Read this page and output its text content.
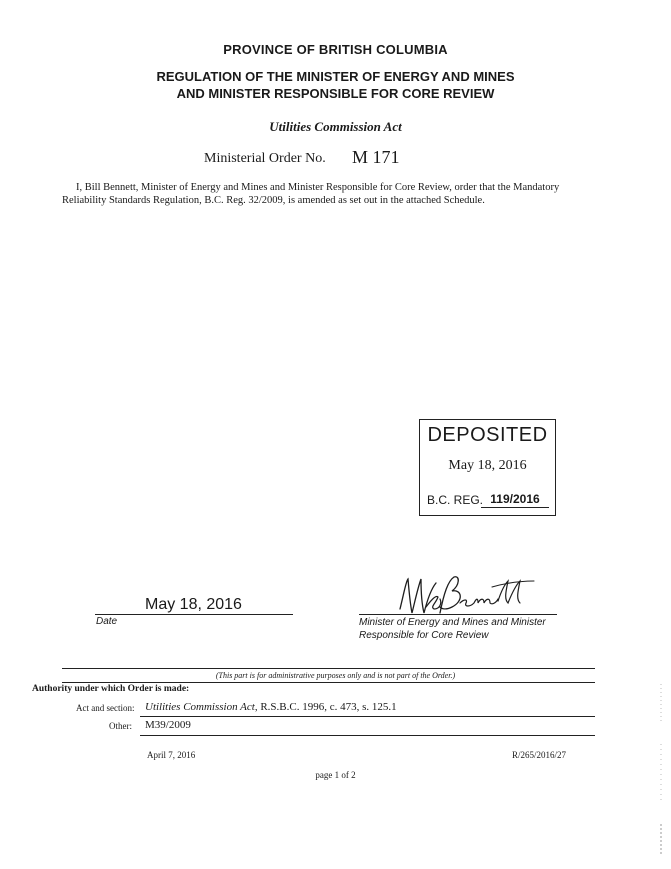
PROVINCE OF BRITISH COLUMBIA
REGULATION OF THE MINISTER OF ENERGY AND MINES
AND MINISTER RESPONSIBLE FOR CORE REVIEW
Utilities Commission Act
Ministerial Order No. M 171
I, Bill Bennett, Minister of Energy and Mines and Minister Responsible for Core Review, order that the Mandatory Reliability Standards Regulation, B.C. Reg. 32/2009, is amended as set out in the attached Schedule.
DEPOSITED
May 18, 2016
B.C. REG. 119/2016
May 18, 2016
Date	Minister of Energy and Mines and Minister
Responsible for Core Review
(This part is for administrative purposes only and is not part of the Order.)
Authority under which Order is made:
Act and section: Utilities Commission Act, R.S.B.C. 1996, c. 473, s. 125.1
Other: M39/2009
April 7, 2016	R/265/2016/27
page 1 of 2
